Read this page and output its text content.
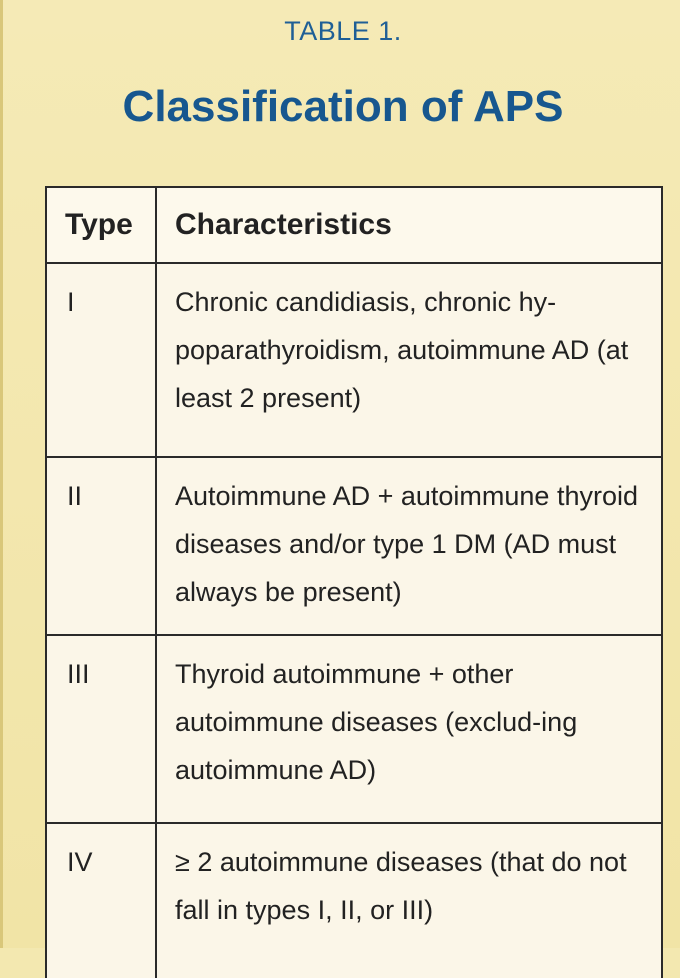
TABLE 1.
Classification of APS
Type	Characteristics
I	Chronic candidiasis, chronic hy-poparathyroidism, autoimmune AD (at least 2 present)
II	Autoimmune AD + autoimmune thyroid diseases and/or type 1 DM (AD must always be present)
III	Thyroid autoimmune + other autoimmune diseases (exclud-ing autoimmune AD)
IV	≥ 2 autoimmune diseases (that do not fall in types I, II, or III)
